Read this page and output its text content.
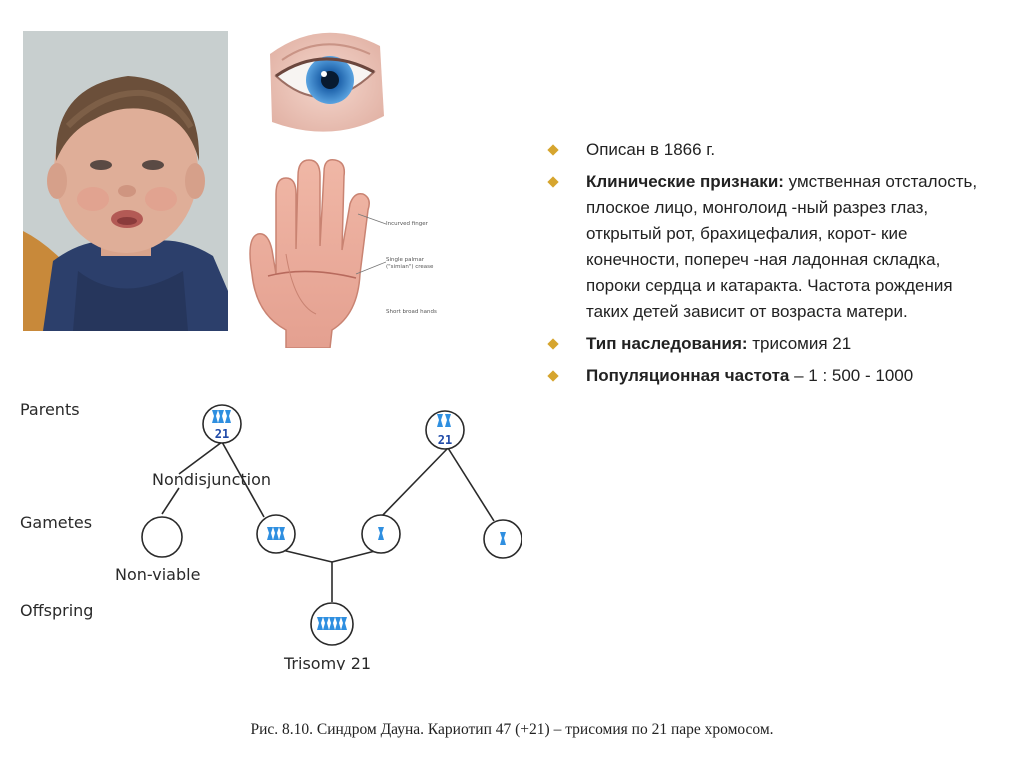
Incurved finger
Single palmar
("simian") crease
Short broad hands
Описан в 1866 г.
Клинические признаки: умственная отсталость, плоское лицо, монголоид -ный разрез глаз, открытый рот, брахицефалия, корот- кие конечности, попереч -ная ладонная складка, пороки сердца и катаракта. Частота рождения таких детей зависит от возраста матери.
Тип наследования: трисомия 21
Популяционная частота – 1 : 500 - 1000
21	21
Parents
Gametes
Offspring
Nondisjunction
Non-viable
Trisomy 21
Рис. 8.10. Синдром Дауна. Кариотип 47 (+21) – трисомия по 21 паре хромосом.
